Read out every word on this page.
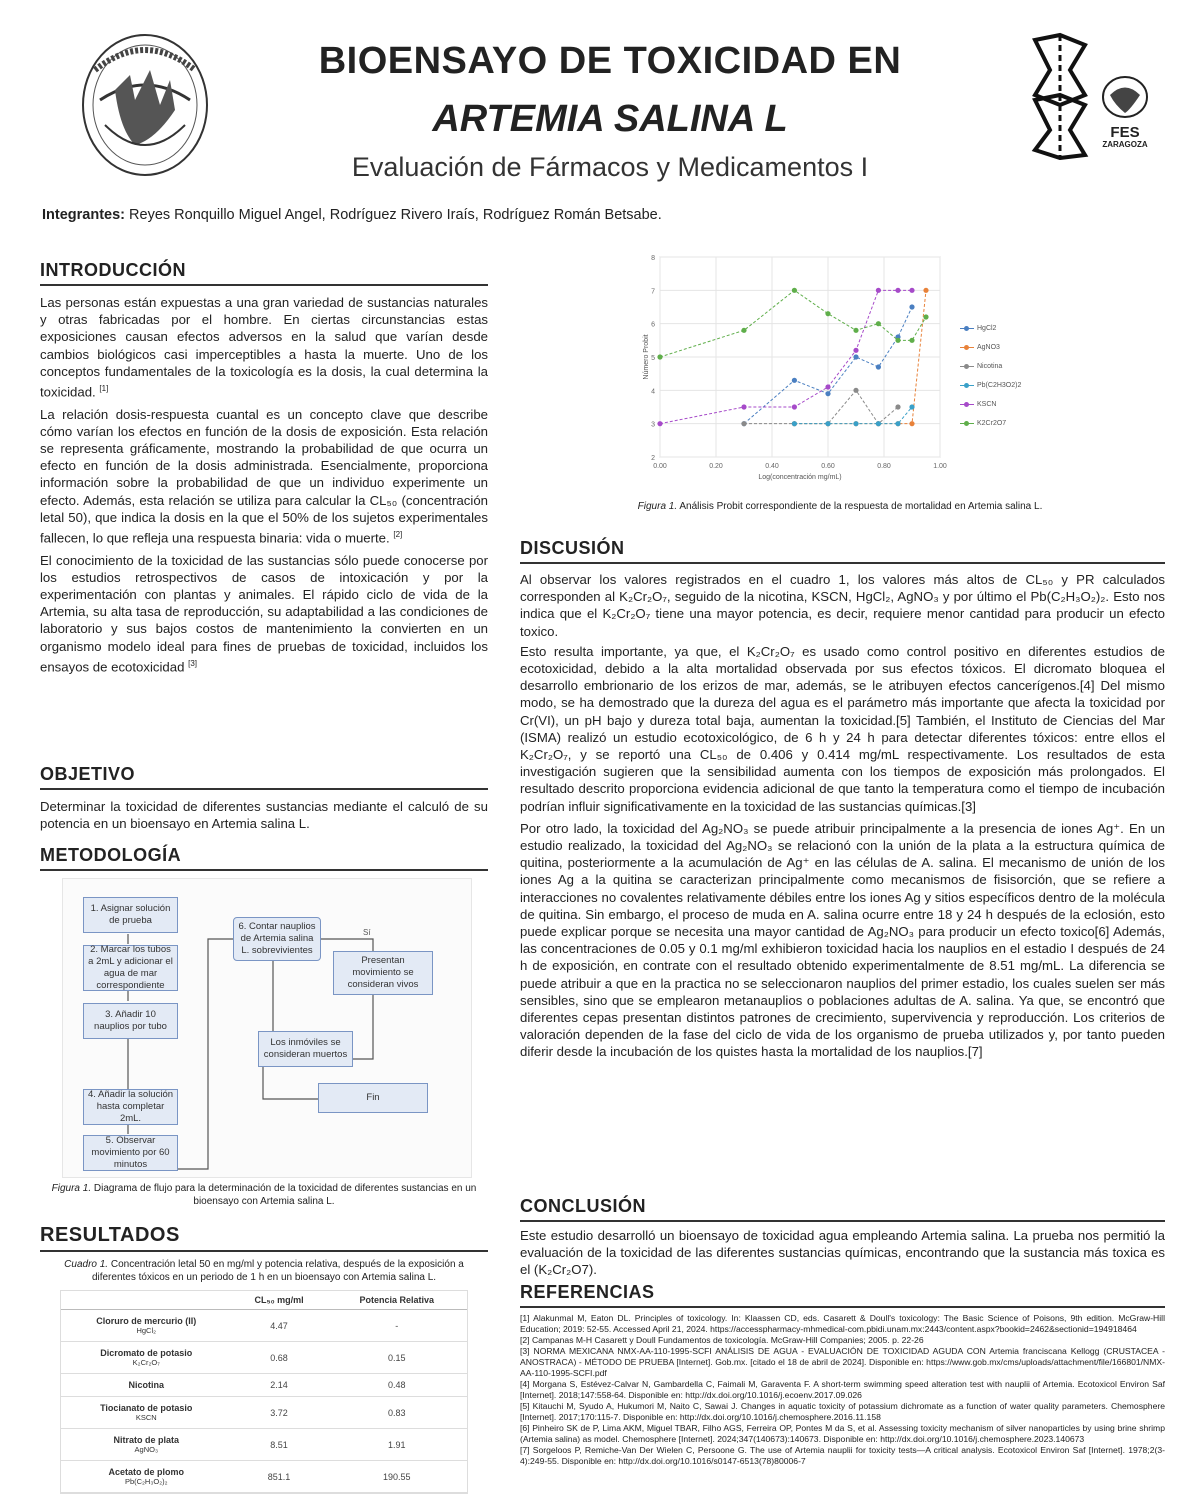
BIOENSAYO DE TOXICIDAD EN
ARTEMIA SALINA L
Evaluación de Fármacos y Medicamentos I
FES
ZARAGOZA
Integrantes: Reyes Ronquillo Miguel Angel, Rodríguez Rivero Iraís, Rodríguez Román Betsabe.
INTRODUCCIÓN

Las personas están expuestas a una gran variedad de sustancias naturales y otras fabricadas por el hombre. En ciertas circunstancias estas exposiciones causan efectos adversos en la salud que varían desde cambios biológicos casi imperceptibles a hasta la muerte. Uno de los conceptos fundamentales de la toxicología es la dosis, la cual determina la toxicidad. [1]

La relación dosis-respuesta cuantal es un concepto clave que describe cómo varían los efectos en función de la dosis de exposición. Esta relación se representa gráficamente, mostrando la probabilidad de que ocurra un efecto en función de la dosis administrada. Esencialmente, proporciona información sobre la probabilidad de que un individuo experimente un efecto. Además, esta relación se utiliza para calcular la CL₅₀ (concentración letal 50), que indica la dosis en la que el 50% de los sujetos experimentales fallecen, lo que refleja una respuesta binaria: vida o muerte. [2]

El conocimiento de la toxicidad de las sustancias sólo puede conocerse por los estudios retrospectivos de casos de intoxicación y por la experimentación con plantas y animales. El rápido ciclo de vida de la Artemia, su alta tasa de reproducción, su adaptabilidad a las condiciones de laboratorio y sus bajos costos de mantenimiento la convierten en un organismo modelo ideal para fines de pruebas de toxicidad, incluidos los ensayos de ecotoxicidad [3]

OBJETIVO

Determinar la toxicidad de diferentes sustancias mediante el calculó de su potencia en un bioensayo en Artemia salina L.

METODOLOGÍA
Sí
1. Asignar solución de prueba
2. Marcar los tubos a 2mL y adicionar el agua de mar correspondiente
3. Añadir 10 nauplios por tubo
4. Añadir la solución hasta completar 2mL.
5. Observar movimiento por 60 minutos
6. Contar nauplios de Artemia salina L. sobrevivientes
Presentan movimiento se consideran vivos
Los inmóviles se consideran muertos
Fin
Figura 1. Diagrama de flujo para la determinación de la toxicidad de diferentes sustancias en un bioensayo con Artemia salina L.
RESULTADOS
Cuadro 1. Concentración letal 50 en mg/ml y potencia relativa, después de la exposición a diferentes tóxicos en un periodo de 1 h en un bioensayo con Artemia salina L.
	CL₅₀ mg/ml	Potencia Relativa
Cloruro de mercurio (II)
HgCl₂	4.47	-
Dicromato de potasio
K₂Cr₂O₇	0.68	0.15
Nicotina	2.14	0.48
Tiocianato de potasio
KSCN	3.72	0.83
Nitrato de plata
AgNO₃	8.51	1.91
Acetato de plomo
Pb(C₂H₃O₂)₂	851.1	190.55
2
3
4
5
6
7
8
0.00	0.20	0.40	0.60	0.80	1.00
Log(concentración mg/mL)
Número Probit
HgCl2
AgNO3
Nicotina
Pb(C2H3O2)2
KSCN
K2Cr2O7
Figura 1. Análisis Probit correspondiente de la respuesta de mortalidad en Artemia salina L.
DISCUSIÓN

Al observar los valores registrados en el cuadro 1, los valores más altos de CL₅₀ y PR calculados corresponden al K₂Cr₂O₇, seguido de la nicotina, KSCN, HgCl₂, AgNO₃ y por último el Pb(C₂H₃O₂)₂. Esto nos indica que el K₂Cr₂O₇ tiene una mayor potencia, es decir, requiere menor cantidad para producir un efecto toxico.

Esto resulta importante, ya que, el K₂Cr₂O₇ es usado como control positivo en diferentes estudios de ecotoxicidad, debido a la alta mortalidad observada por sus efectos tóxicos. El dicromato bloquea el desarrollo embrionario de los erizos de mar, además, se le atribuyen efectos cancerígenos.[4] Del mismo modo, se ha demostrado que la dureza del agua es el parámetro más importante que afecta la toxicidad por Cr(VI), un pH bajo y dureza total baja, aumentan la toxicidad.[5] También, el Instituto de Ciencias del Mar (ISMA) realizó un estudio ecotoxicológico, de 6 h y 24 h para detectar diferentes tóxicos: entre ellos el K₂Cr₂O₇, y se reportó una CL₅₀ de 0.406 y 0.414 mg/mL respectivamente. Los resultados de esta investigación sugieren que la sensibilidad aumenta con los tiempos de exposición más prolongados. El resultado descrito proporciona evidencia adicional de que tanto la temperatura como el tiempo de incubación podrían influir significativamente en la toxicidad de las sustancias químicas.[3]

Por otro lado, la toxicidad del Ag₂NO₃ se puede atribuir principalmente a la presencia de iones Ag⁺. En un estudio realizado, la toxicidad del Ag₂NO₃ se relacionó con la unión de la plata a la estructura química de quitina, posteriormente a la acumulación de Ag⁺ en las células de A. salina. El mecanismo de unión de los iones Ag a la quitina se caracterizan principalmente como mecanismos de fisisorción, que se refiere a interacciones no covalentes relativamente débiles entre los iones Ag y sitios específicos dentro de la molécula de quitina. Sin embargo, el proceso de muda en A. salina ocurre entre 18 y 24 h después de la eclosión, esto puede explicar porque se necesita una mayor cantidad de Ag₂NO₃ para producir un efecto toxico[6] Además, las concentraciones de 0.05 y 0.1 mg/ml exhibieron toxicidad hacia los nauplios en el estadio I después de 24 h de exposición, en contrate con el resultado obtenido experimentalmente de 8.51 mg/mL. La diferencia se puede atribuir a que en la practica no se seleccionaron nauplios del primer estadio, los cuales suelen ser más sensibles, sino que se emplearon metanauplios o poblaciones adultas de A. salina. Ya que, se encontró que diferentes cepas presentan distintos patrones de crecimiento, supervivencia y reproducción. Los criterios de valoración dependen de la fase del ciclo de vida de los organismo de prueba utilizados y, por tanto pueden diferir desde la incubación de los quistes hasta la mortalidad de los nauplios.[7]

CONCLUSIÓN

Este estudio desarrolló un bioensayo de toxicidad agua empleando Artemia salina. La prueba nos permitió la evaluación de la toxicidad de las diferentes sustancias químicas, encontrando que la sustancia más toxica es el (K₂Cr₂O7).

REFERENCIAS

[1] Alakunmal M, Eaton DL. Principles of toxicology. In: Klaassen CD, eds. Casarett & Doull's toxicology: The Basic Science of Poisons, 9th edition. McGraw-Hill Education; 2019: 52-55. Accessed April 21, 2024. https://accesspharmacy-mhmedical-com.pbidi.unam.mx:2443/content.aspx?bookid=2462&sectionid=194918464

[2] Campanas M-H Casarett y Doull Fundamentos de toxicología. McGraw-Hill Companies; 2005. p. 22-26

[3] NORMA MEXICANA NMX-AA-110-1995-SCFI ANÁLISIS DE AGUA - EVALUACIÓN DE TOXICIDAD AGUDA CON Artemia franciscana Kellogg (CRUSTACEA - ANOSTRACA) - MÉTODO DE PRUEBA [Internet]. Gob.mx. [citado el 18 de abril de 2024]. Disponible en: https://www.gob.mx/cms/uploads/attachment/file/166801/NMX-AA-110-1995-SCFI.pdf

[4] Morgana S, Estévez-Calvar N, Gambardella C, Faimali M, Garaventa F. A short-term swimming speed alteration test with nauplii of Artemia. Ecotoxicol Environ Saf [Internet]. 2018;147:558-64. Disponible en: http://dx.doi.org/10.1016/j.ecoenv.2017.09.026

[5] Kitauchi M, Syudo A, Hukumori M, Naito C, Sawai J. Changes in aquatic toxicity of potassium dichromate as a function of water quality parameters. Chemosphere [Internet]. 2017;170:115-7. Disponible en: http://dx.doi.org/10.1016/j.chemosphere.2016.11.158

[6] Pinheiro SK de P, Lima AKM, Miguel TBAR, Filho AGS, Ferreira OP, Pontes M da S, et al. Assessing toxicity mechanism of silver nanoparticles by using brine shrimp (Artemia salina) as model. Chemosphere [Internet]. 2024;347(140673):140673. Disponible en: http://dx.doi.org/10.1016/j.chemosphere.2023.140673

[7] Sorgeloos P, Remiche-Van Der Wielen C, Persoone G. The use of Artemia nauplii for toxicity tests—A critical analysis. Ecotoxicol Environ Saf [Internet]. 1978;2(3-4):249-55. Disponible en: http://dx.doi.org/10.1016/s0147-6513(78)80006-7
